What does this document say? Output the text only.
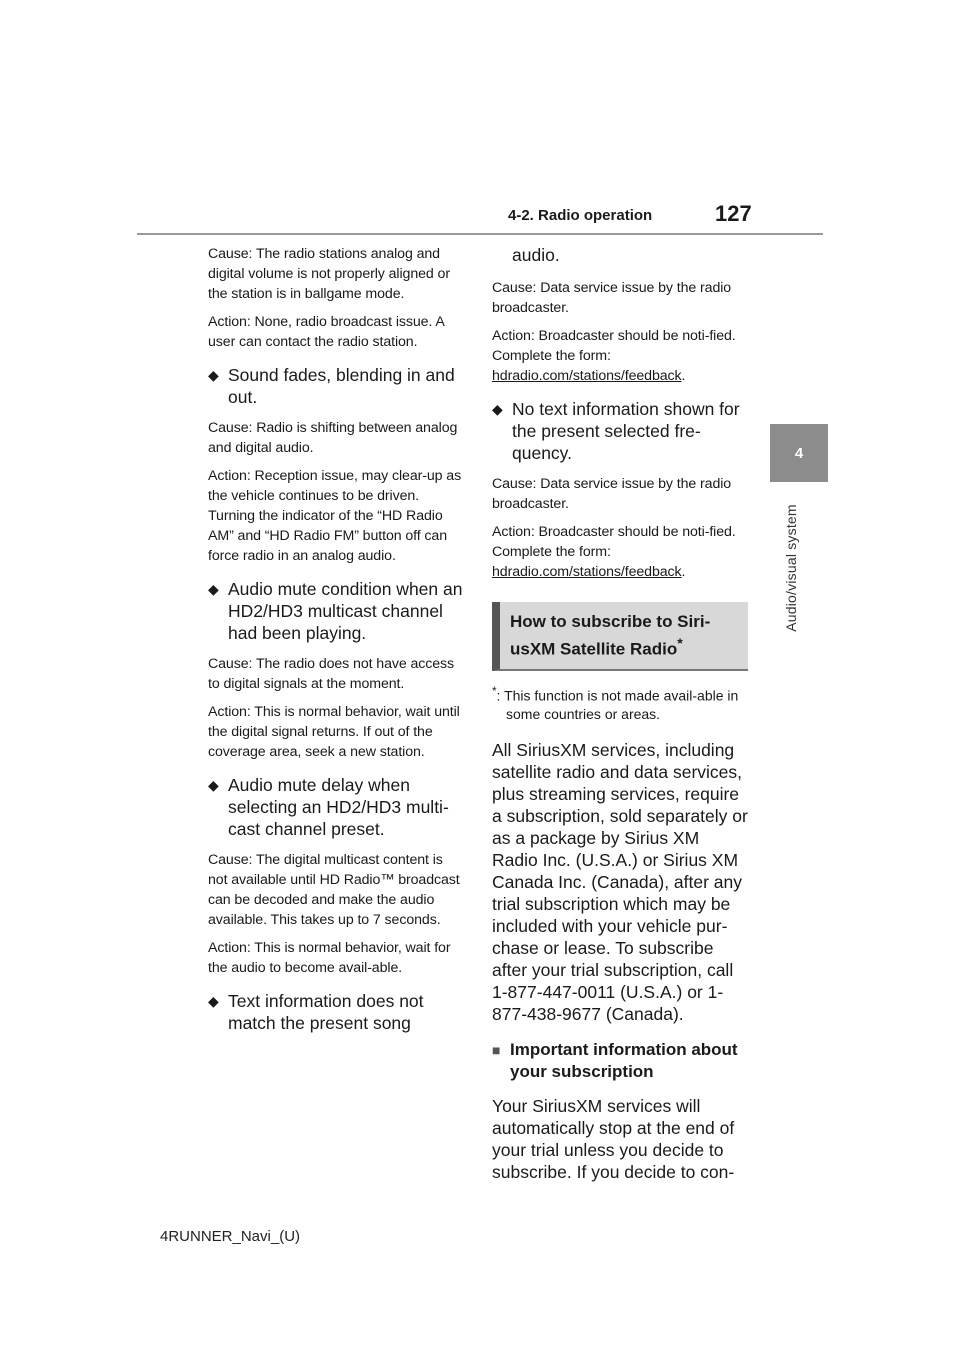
4-2. Radio operation	127
4
Audio/visual system

Cause: The radio stations analog and digital volume is not properly aligned or the station is in ballgame mode.

Action: None, radio broadcast issue. A user can contact the radio station.

◆ Sound fades, blending in and out.

Cause: Radio is shifting between analog and digital audio.

Action: Reception issue, may clear-up as the vehicle continues to be driven. Turning the indicator of the “HD Radio AM” and “HD Radio FM” button off can force radio in an analog audio.

◆ Audio mute condition when an HD2/HD3 multicast channel had been playing.

Cause: The radio does not have access to digital signals at the moment.

Action: This is normal behavior, wait until the digital signal returns. If out of the coverage area, seek a new station.

◆ Audio mute delay when selecting an HD2/HD3 multi-cast channel preset.

Cause: The digital multicast content is not available until HD Radio™ broadcast can be decoded and make the audio available. This takes up to 7 seconds.

Action: This is normal behavior, wait for the audio to become avail-able.

◆ Text information does not match the present song
audio.

Cause: Data service issue by the radio broadcaster.

Action: Broadcaster should be noti-fied. Complete the form:
hdradio.com/stations/feedback.

◆ No text information shown for the present selected fre-quency.

Cause: Data service issue by the radio broadcaster.

Action: Broadcaster should be noti-fied. Complete the form:
hdradio.com/stations/feedback.

How to subscribe to Siri-usXM Satellite Radio*

*: This function is not made avail-able in some countries or areas.

All SiriusXM services, including satellite radio and data services, plus streaming services, require a subscription, sold separately or as a package by Sirius XM Radio Inc. (U.S.A.) or Sirius XM Canada Inc. (Canada), after any trial subscription which may be included with your vehicle pur-chase or lease. To subscribe after your trial subscription, call 1-877-447-0011 (U.S.A.) or 1-877-438-9677 (Canada).

■ Important information about your subscription

Your SiriusXM services will automatically stop at the end of your trial unless you decide to subscribe. If you decide to con-

4RUNNER_Navi_(U)
